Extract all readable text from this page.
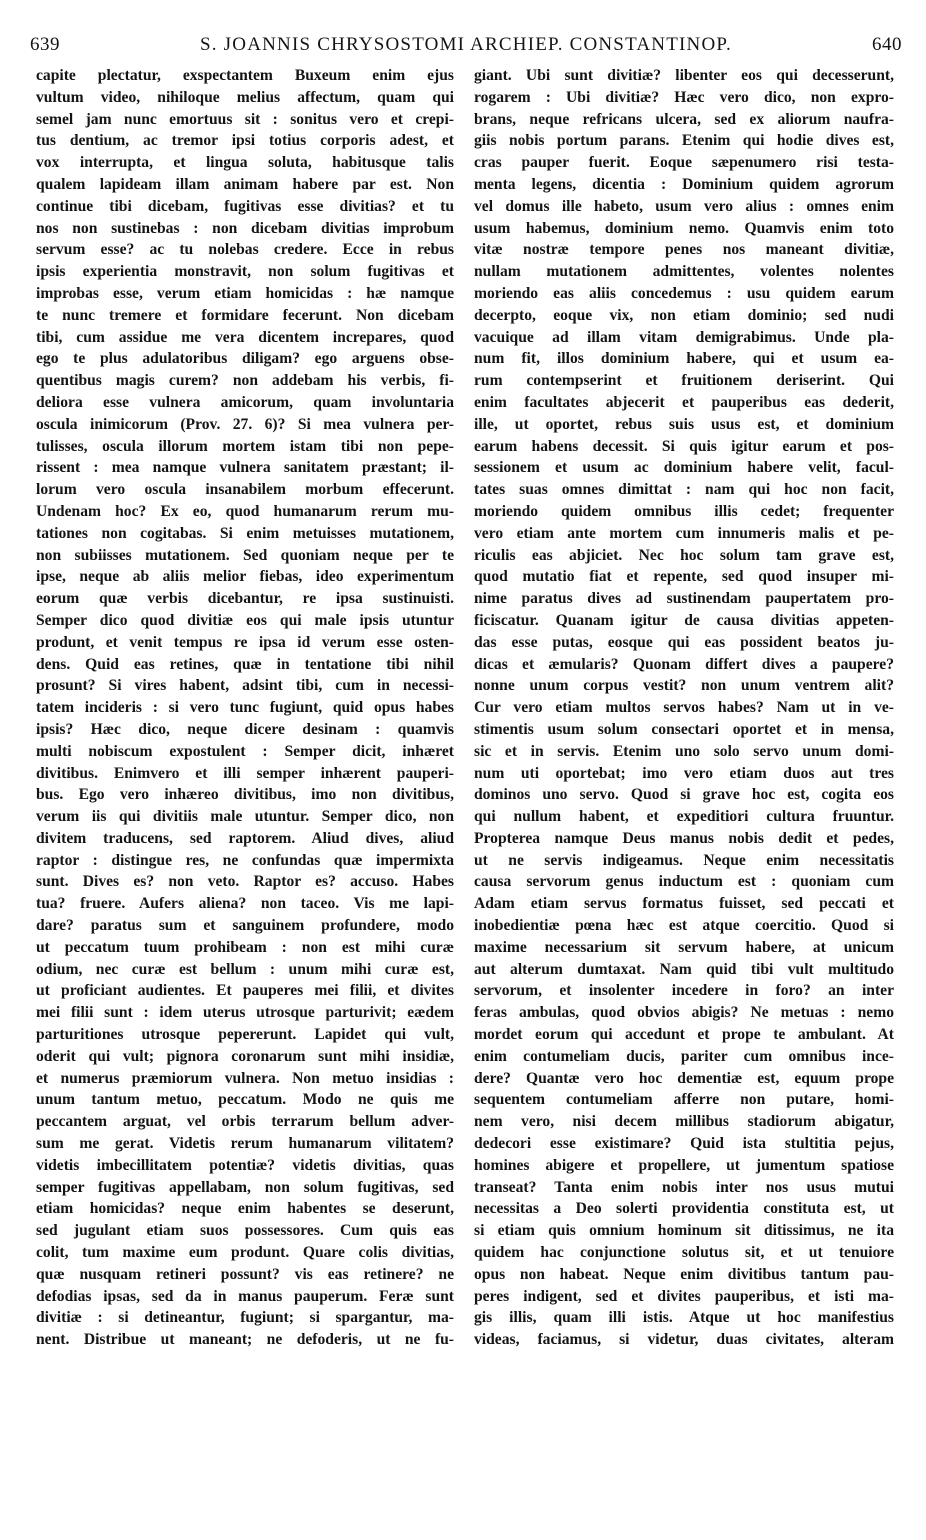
639	S. JOANNIS CHRYSOSTOMI ARCHIEP. CONSTANTINOP.	640
capite plectatur, exspectantem Buxeum enim ejus
vultum video, nihiloque melius affectum, quam qui
semel jam nunc emortuus sit : sonitus vero et crepi-
tus dentium, ac tremor ipsi totius corporis adest, et
vox interrupta, et lingua soluta, habitusque talis
qualem lapideam illam animam habere par est. Non
continue tibi dicebam, fugitivas esse divitias? et tu
nos non sustinebas : non dicebam divitias improbum
servum esse? ac tu nolebas credere. Ecce in rebus
ipsis experientia monstravit, non solum fugitivas et
improbas esse, verum etiam homicidas : hæ namque
te nunc tremere et formidare fecerunt. Non dicebam
tibi, cum assidue me vera dicentem increpares, quod
ego te plus adulatoribus diligam? ego arguens obse-
quentibus magis curem? non addebam his verbis, fi-
deliora esse vulnera amicorum, quam involuntaria
oscula inimicorum (Prov. 27. 6)? Si mea vulnera per-
tulisses, oscula illorum mortem istam tibi non pepe-
rissent : mea namque vulnera sanitatem præstant; il-
lorum vero oscula insanabilem morbum effecerunt.
Undenam hoc? Ex eo, quod humanarum rerum mu-
tationes non cogitabas. Si enim metuisses mutationem,
non subiisses mutationem. Sed quoniam neque per te
ipse, neque ab aliis melior fiebas, ideo experimentum
eorum quæ verbis dicebantur, re ipsa sustinuisti.
Semper dico quod divitiæ eos qui male ipsis utuntur
produnt, et venit tempus re ipsa id verum esse osten-
dens. Quid eas retines, quæ in tentatione tibi nihil
prosunt? Si vires habent, adsint tibi, cum in necessi-
tatem incideris : si vero tunc fugiunt, quid opus habes
ipsis? Hæc dico, neque dicere desinam : quamvis
multi nobiscum expostulent : Semper dicit, inhæret
divitibus. Enimvero et illi semper inhærent pauperi-
bus. Ego vero inhæreo divitibus, imo non divitibus,
verum iis qui divitiis male utuntur. Semper dico, non
divitem traducens, sed raptorem. Aliud dives, aliud
raptor : distingue res, ne confundas quæ impermixta
sunt. Dives es? non veto. Raptor es? accuso. Habes
tua? fruere. Aufers aliena? non taceo. Vis me lapi-
dare? paratus sum et sanguinem profundere, modo
ut peccatum tuum prohibeam : non est mihi curæ
odium, nec curæ est bellum : unum mihi curæ est,
ut proficiant audientes. Et pauperes mei filii, et divites
mei filii sunt : idem uterus utrosque parturivit; eædem
parturitiones utrosque pepererunt. Lapidet qui vult,
oderit qui vult; pignora coronarum sunt mihi insidiæ,
et numerus præmiorum vulnera. Non metuo insidias :
unum tantum metuo, peccatum. Modo ne quis me
peccantem arguat, vel orbis terrarum bellum adver-
sum me gerat. Videtis rerum humanarum vilitatem?
videtis imbecillitatem potentiæ? videtis divitias, quas
semper fugitivas appellabam, non solum fugitivas, sed
etiam homicidas? neque enim habentes se deserunt,
sed jugulant etiam suos possessores. Cum quis eas
colit, tum maxime eum produnt. Quare colis divitias,
quæ nusquam retineri possunt? vis eas retinere? ne
defodias ipsas, sed da in manus pauperum. Feræ sunt
divitiæ : si detineantur, fugiunt; si spargantur, ma-
nent. Distribue ut maneant; ne defoderis, ut ne fu-
giant. Ubi sunt divitiæ? libenter eos qui decesserunt,
rogarem : Ubi divitiæ? Hæc vero dico, non expro-
brans, neque refricans ulcera, sed ex aliorum naufra-
giis nobis portum parans. Etenim qui hodie dives est,
cras pauper fuerit. Eoque sæpenumero risi testa-
menta legens, dicentia : Dominium quidem agrorum
vel domus ille habeto, usum vero alius : omnes enim
usum habemus, dominium nemo. Quamvis enim toto
vitæ nostræ tempore penes nos maneant divitiæ,
nullam mutationem admittentes, volentes nolentes
moriendo eas aliis concedemus : usu quidem earum
decerpto, eoque vix, non etiam dominio; sed nudi
vacuique ad illam vitam demigrabimus. Unde pla-
num fit, illos dominium habere, qui et usum ea-
rum contempserint et fruitionem deriserint. Qui
enim facultates abjecerit et pauperibus eas dederit,
ille, ut oportet, rebus suis usus est, et dominium
earum habens decessit. Si quis igitur earum et pos-
sessionem et usum ac dominium habere velit, facul-
tates suas omnes dimittat : nam qui hoc non facit,
moriendo quidem omnibus illis cedet; frequenter
vero etiam ante mortem cum innumeris malis et pe-
riculis eas abjiciet. Nec hoc solum tam grave est,
quod mutatio fiat et repente, sed quod insuper mi-
nime paratus dives ad sustinendam paupertatem pro-
ficiscatur. Quanam igitur de causa divitias appeten-
das esse putas, eosque qui eas possident beatos ju-
dicas et æmularis? Quonam differt dives a paupere?
nonne unum corpus vestit? non unum ventrem alit?
Cur vero etiam multos servos habes? Nam ut in ve-
stimentis usum solum consectari oportet et in mensa,
sic et in servis. Etenim uno solo servo unum domi-
num uti oportebat; imo vero etiam duos aut tres
dominos uno servo. Quod si grave hoc est, cogita eos
qui nullum habent, et expeditiori cultura fruuntur.
Propterea namque Deus manus nobis dedit et pedes,
ut ne servis indigeamus. Neque enim necessitatis
causa servorum genus inductum est : quoniam cum
Adam etiam servus formatus fuisset, sed peccati et
inobedientiæ pœna hæc est atque coercitio. Quod si
maxime necessarium sit servum habere, at unicum
aut alterum dumtaxat. Nam quid tibi vult multitudo
servorum, et insolenter incedere in foro? an inter
feras ambulas, quod obvios abigis? Ne metuas : nemo
mordet eorum qui accedunt et prope te ambulant. At
enim contumeliam ducis, pariter cum omnibus ince-
dere? Quantæ vero hoc dementiæ est, equum prope
sequentem contumeliam afferre non putare, homi-
nem vero, nisi decem millibus stadiorum abigatur,
dedecori esse existimare? Quid ista stultitia pejus,
homines abigere et propellere, ut jumentum spatiose
transeat? Tanta enim nobis inter nos usus mutui
necessitas a Deo solerti providentia constituta est, ut
si etiam quis omnium hominum sit ditissimus, ne ita
quidem hac conjunctione solutus sit, et ut tenuiore
opus non habeat. Neque enim divitibus tantum pau-
peres indigent, sed et divites pauperibus, et isti ma-
gis illis, quam illi istis. Atque ut hoc manifestius
videas, faciamus, si videtur, duas civitates, alteram
